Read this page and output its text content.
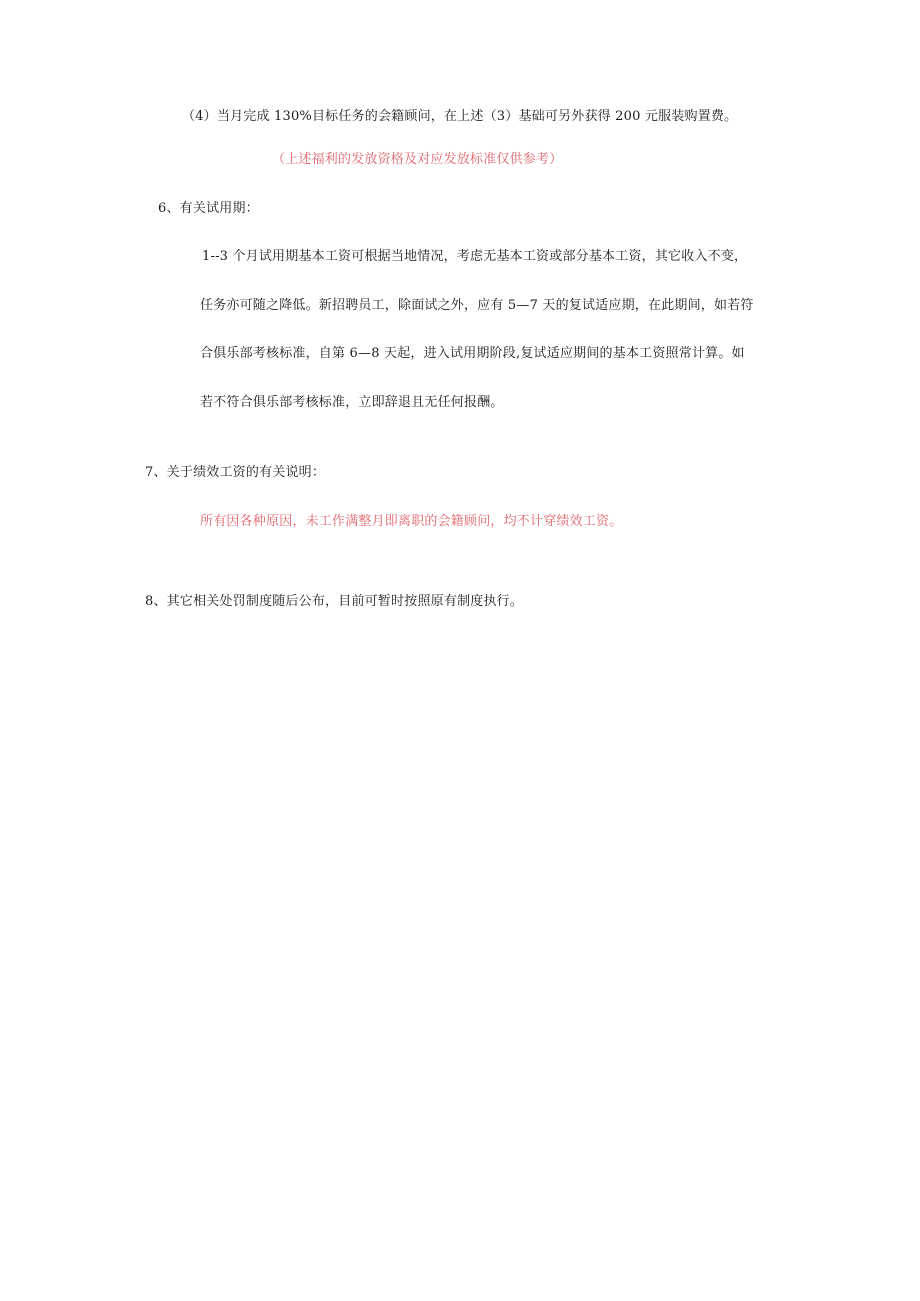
（4）当月完成 130%目标任务的会籍顾问，在上述（3）基础可另外获得 200 元服装购置费。
（上述福利的发放资格及对应发放标准仅供参考）
6、有关试用期：
1--3 个月试用期基本工资可根据当地情况，考虑无基本工资或部分基本工资，其它收入不变，
任务亦可随之降低。新招聘员工，除面试之外，应有 5—7 天的复试适应期，在此期间，如若符
合俱乐部考核标准，自第 6—8 天起，进入试用期阶段,复试适应期间的基本工资照常计算。如
若不符合俱乐部考核标准，立即辞退且无任何报酬。
7、关于绩效工资的有关说明：
所有因各种原因，未工作满整月即离职的会籍顾问，均不计穿绩效工资。
8、其它相关处罚制度随后公布，目前可暂时按照原有制度执行。
